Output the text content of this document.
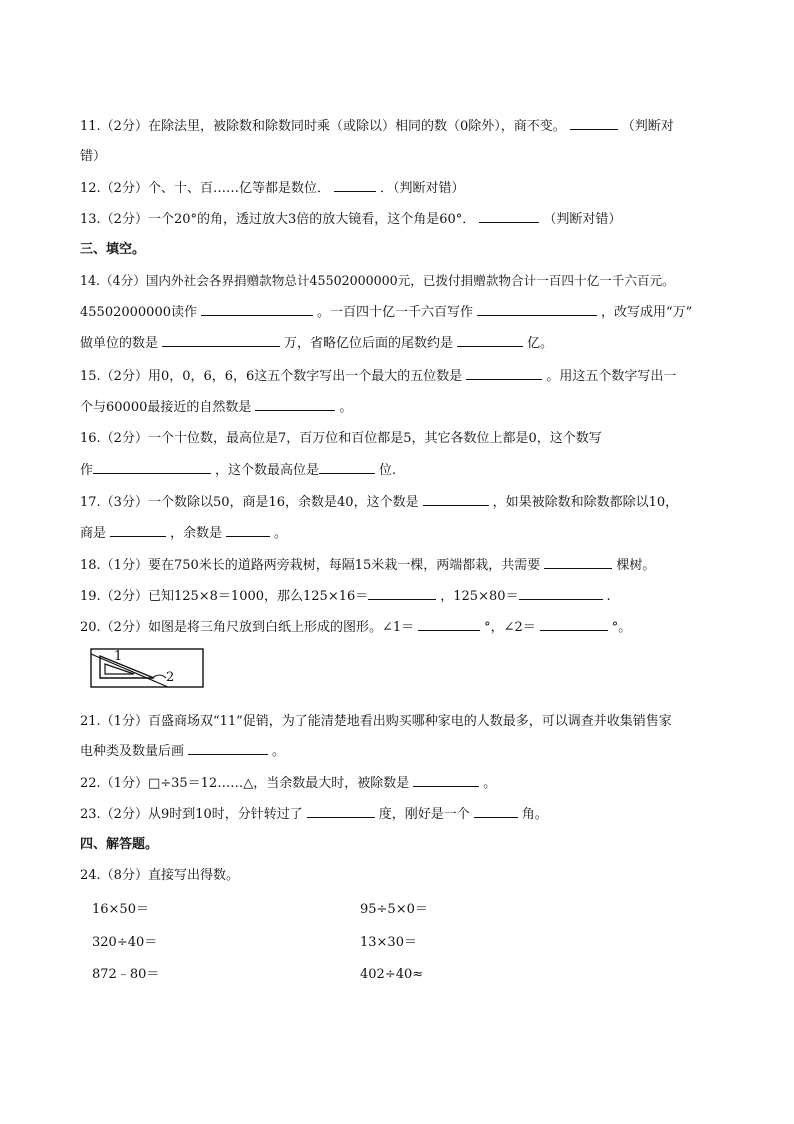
11.（2分）在除法里，被除数和除数同时乘（或除以）相同的数（0除外），商不变。	（判断对
错）
12.（2分）个、十、百……亿等都是数位．	．（判断对错）
13.（2分）一个20°的角，透过放大3倍的放大镜看，这个角是60°．	（判断对错）
三、填空。
14.（4分）国内外社会各界捐赠款物总计45502000000元，已拨付捐赠款物合计一百四十亿一千六百元。
45502000000读作	。一百四十亿一千六百写作	，改写成用“万”
做单位的数是	万，省略亿位后面的尾数约是	亿。
15.（2分）用0，0，6，6，6这五个数字写出一个最大的五位数是	。用这五个数字写出一
个与60000最接近的自然数是	。
16.（2分）一个十位数，最高位是7，百万位和百位都是5，其它各数位上都是0，这个数写
作	，这个数最高位是	位.
17.（3分）一个数除以50，商是16，余数是40，这个数是	，如果被除数和除数都除以10，
商是	，余数是	。
18.（1分）要在750米长的道路两旁栽树，每隔15米栽一棵，两端都栽，共需要	棵树。
19.（2分）已知125×8＝1000，那么125×16＝	，125×80＝	.
20.（2分）如图是将三角尺放到白纸上形成的图形。∠1＝	°，∠2＝	°。
1
2
21.（1分）百盛商场双“11”促销，为了能清楚地看出购买哪种家电的人数最多，可以调查并收集销售家
电种类及数量后画	。
22.（1分）□÷35＝12……△，当余数最大时，被除数是	。
23.（2分）从9时到10时，分针转过了	度，刚好是一个	角。
四、解答题。
24.（8分）直接写出得数。
16×50＝	95÷5×0＝
320÷40＝	13×30＝
872﹣80＝	402÷40≈
